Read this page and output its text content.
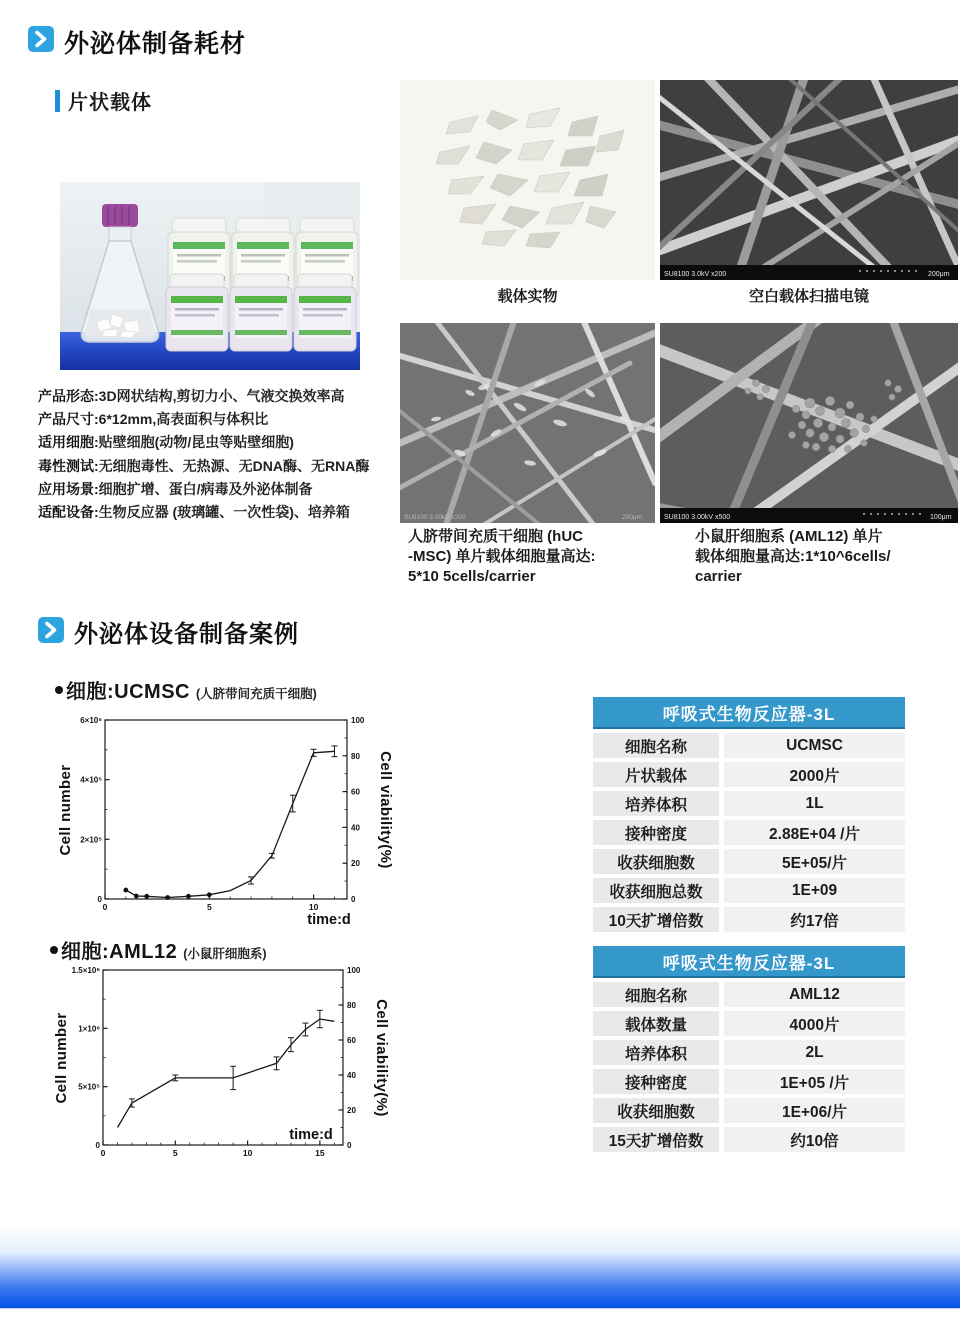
外泌体制备耗材
片状载体
载体实物
SU8100 3.0kV x200	200μm
空白载体扫描电镜
SU8100 3.00kV x200	200μm	SU8100 3.00kV x500	100μm
人脐带间充质干细胞 (hUC
-MSC) 单片载体细胞量高达:
5*10 5cells/carrier
小鼠肝细胞系 (AML12) 单片
载体细胞量高达:1*10^6cells/
carrier
产品形态:3D网状结构,剪切力小、气液交换效率高
产品尺寸:6*12mm,高表面积与体积比
适用细胞:贴壁细胞(动物/昆虫等贴壁细胞)
毒性测试:无细胞毒性、无热源、无DNA酶、无RNA酶
应用场景:细胞扩增、蛋白/病毒及外泌体制备
适配设备:生物反应器 (玻璃罐、一次性袋)、培养箱
外泌体设备制备案例
细胞: UCMSC (人脐带间充质干细胞)
0	5	10
0
2×10⁵
4×10⁵
6×10⁵
0
20
40
60
80
100
Cell number	Cell viability(%)
time:d
细胞: AML12 (小鼠肝细胞系)
0	5	10	15
0
5×10⁵
1×10⁶
1.5×10⁶
0
20
40
60
80
100
Cell number	Cell viability(%)
time:d
呼吸式生物反应器-3L
细胞名称	UCMSC
片状载体	2000片
培养体积	1L
接种密度	2.88E+04 /片
收获细胞数	5E+05/片
收获细胞总数	1E+09
10天扩增倍数	约17倍
呼吸式生物反应器-3L
细胞名称	AML12
载体数量	4000片
培养体积	2L
接种密度	1E+05 /片
收获细胞数	1E+06/片
15天扩增倍数	约10倍
